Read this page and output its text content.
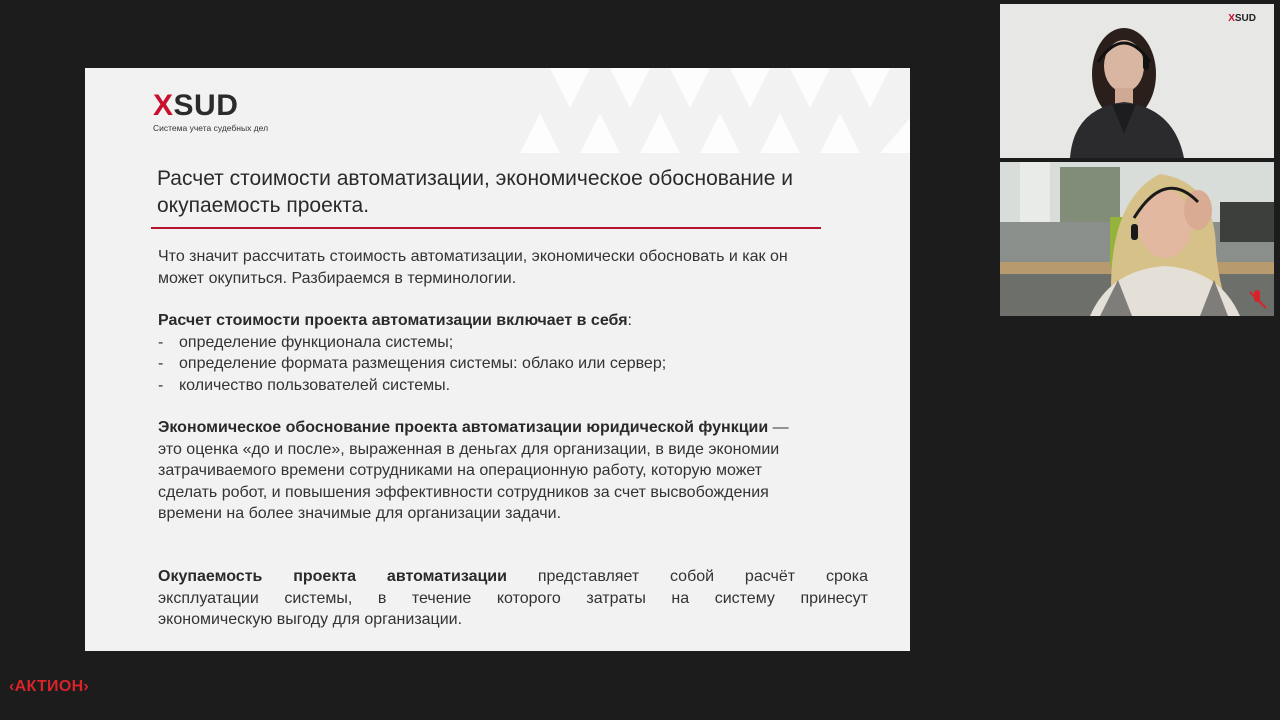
X SUD
Система учета судебных дел
Расчет стоимости автоматизации, экономическое обоснование и
окупаемость проекта.
Что значит рассчитать стоимость автоматизации, экономически обосновать и как он
может окупиться. Разбираемся в терминологии.
Расчет стоимости проекта автоматизации включает в себя:
- определение функционала системы;
- определение формата размещения системы: облако или сервер;
- количество пользователей системы.
Экономическое обоснование проекта автоматизации юридической функции —
это оценка «до и после», выраженная в деньгах для организации, в виде экономии
затрачиваемого времени сотрудниками на операционную работу, которую может
сделать робот, и повышения эффективности сотрудников за счет высвобождения
времени на более значимые для организации задачи.
Окупаемость проекта автоматизации представляет собой расчёт срока
эксплуатации системы, в течение которого затраты на систему принесут
экономическую выгоду для организации.
XSUD
‹АКТИОН›
